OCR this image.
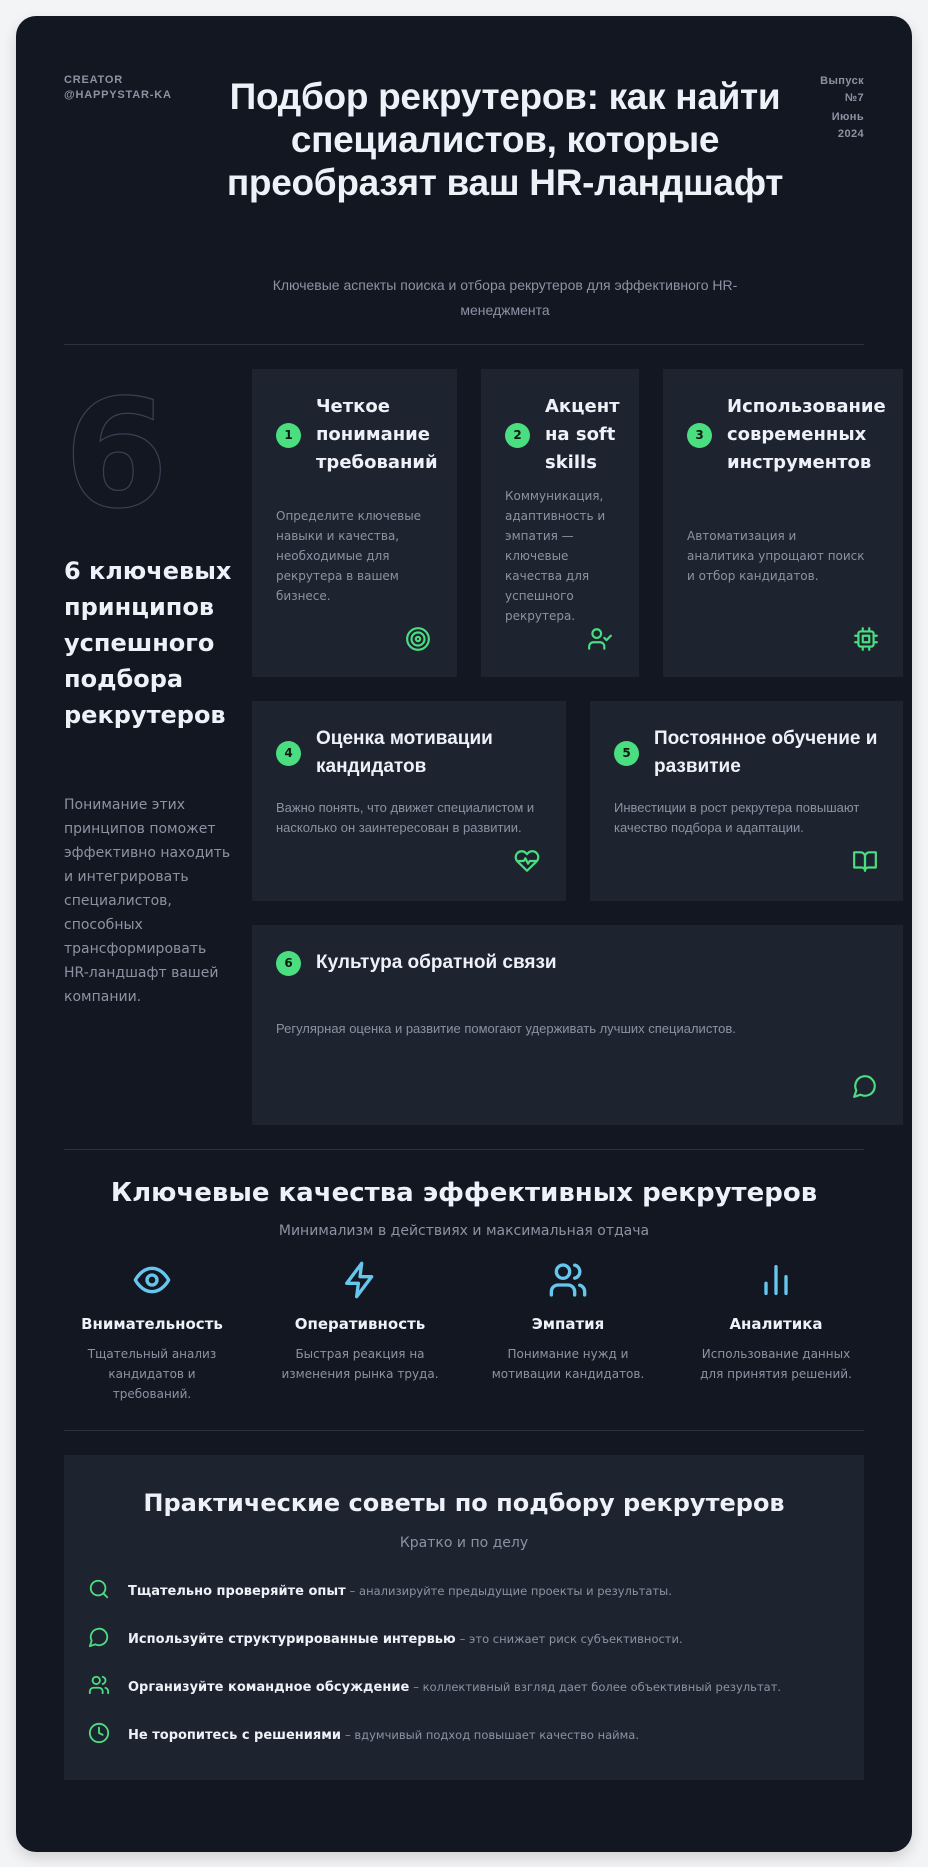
CREATOR
@HAPPYSTAR-KA
Выпуск
№7
Июнь
2024
Подбор рекрутеров: как найти специалистов, которые преобразят ваш HR-ландшафт

Ключевые аспекты поиска и отбора рекрутеров для эффективного HR-менеджмента

6
6 ключевых принципов успешного подбора рекрутеров

Понимание этих принципов поможет эффективно находить и интегрировать специалистов, способных трансформировать HR-ландшафт вашей компании.

1
Четкое понимание требований
Определите ключевые навыки и качества, необходимые для рекрутера в вашем бизнесе.
2
Акцент на soft skills
Коммуникация, адаптивность и эмпатия — ключевые качества для успешного рекрутера.
3
Использование современных инструментов
Автоматизация и аналитика упрощают поиск и отбор кандидатов.
4
Оценка мотивации кандидатов
Важно понять, что движет специалистом и насколько он заинтересован в развитии.
5
Постоянное обучение и развитие
Инвестиции в рост рекрутера повышают качество подбора и адаптации.
6	Культура обратной связи
Регулярная оценка и развитие помогают удерживать лучших специалистов.
Ключевые качества эффективных рекрутеров

Минимализм в действиях и максимальная отдача

Внимательность
Тщательный анализ кандидатов и требований.
Оперативность
Быстрая реакция на изменения рынка труда.
Эмпатия
Понимание нужд и мотивации кандидатов.
Аналитика
Использование данных для принятия решений.
Практические советы по подбору рекрутеров

Кратко и по делу

Тщательно проверяйте опыт – анализируйте предыдущие проекты и результаты.
Используйте структурированные интервью – это снижает риск субъективности.
Организуйте командное обсуждение – коллективный взгляд дает более объективный результат.
Не торопитесь с решениями – вдумчивый подход повышает качество найма.
